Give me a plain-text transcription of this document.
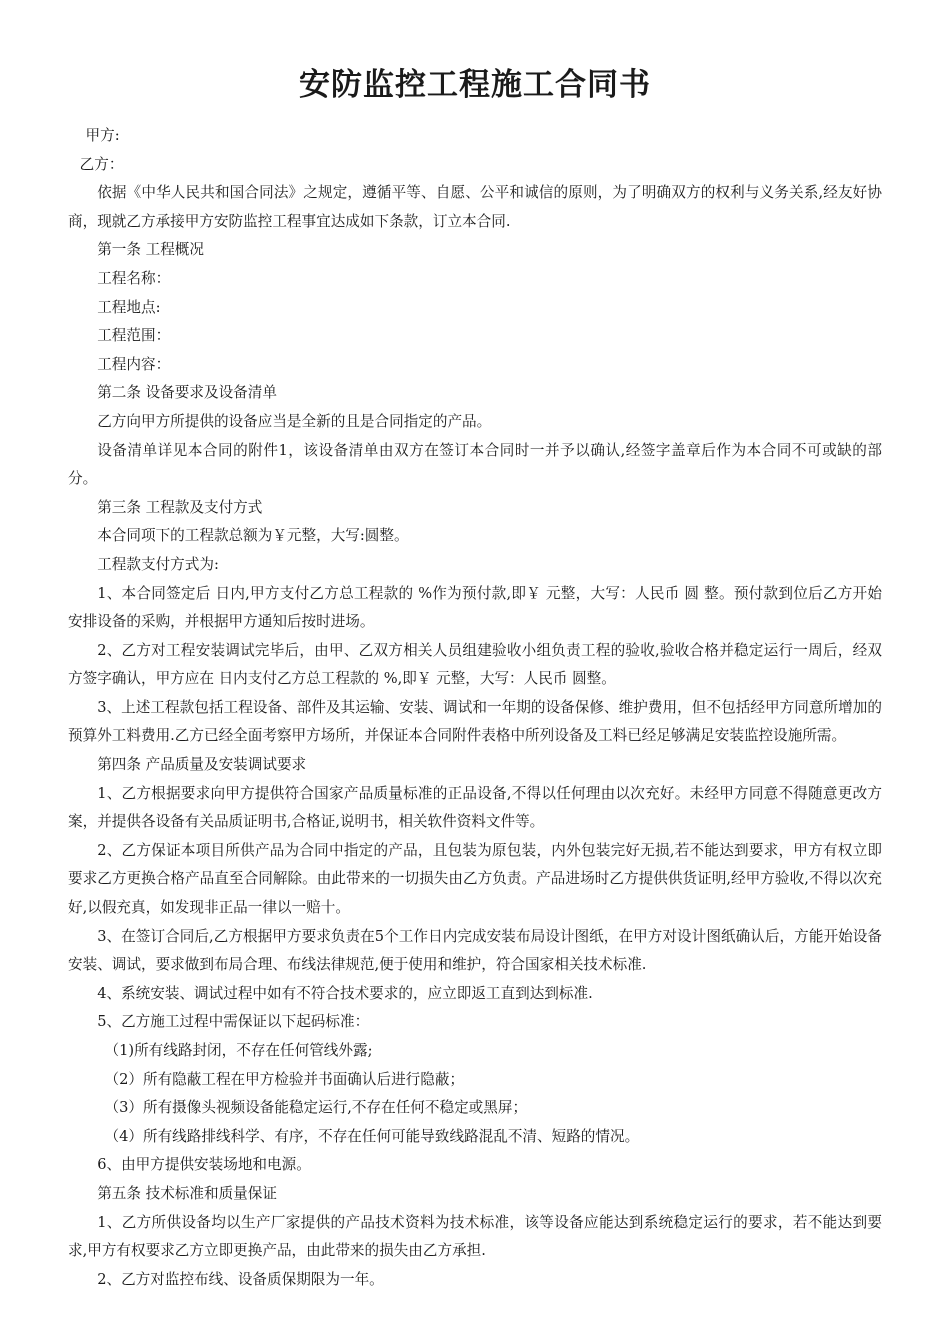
安防监控工程施工合同书

甲方:

乙方：

依据《中华人民共和国合同法》之规定，遵循平等、自愿、公平和诚信的原则，为了明确双方的权利与义务关系,经友好协商，现就乙方承接甲方安防监控工程事宜达成如下条款，订立本合同.

第一条 工程概况

工程名称：

工程地点:

工程范围：

工程内容：

第二条 设备要求及设备清单

乙方向甲方所提供的设备应当是全新的且是合同指定的产品。

设备清单详见本合同的附件1，该设备清单由双方在签订本合同时一并予以确认,经签字盖章后作为本合同不可或缺的部分。

第三条 工程款及支付方式

本合同项下的工程款总额为￥元整，大写:圆整。

工程款支付方式为:

1、本合同签定后 日内,甲方支付乙方总工程款的 %作为预付款,即￥ 元整，大写：人民币 圆 整。预付款到位后乙方开始安排设备的采购，并根据甲方通知后按时进场。

2、乙方对工程安装调试完毕后，由甲、乙双方相关人员组建验收小组负责工程的验收,验收合格并稳定运行一周后，经双方签字确认，甲方应在 日内支付乙方总工程款的 %,即￥ 元整，大写：人民币 圆整。

3、上述工程款包括工程设备、部件及其运输、安装、调试和一年期的设备保修、维护费用，但不包括经甲方同意所增加的预算外工料费用.乙方已经全面考察甲方场所，并保证本合同附件表格中所列设备及工料已经足够满足安装监控设施所需。

第四条 产品质量及安装调试要求

1、乙方根据要求向甲方提供符合国家产品质量标准的正品设备,不得以任何理由以次充好。未经甲方同意不得随意更改方案，并提供各设备有关品质证明书,合格证,说明书，相关软件资料文件等。

2、乙方保证本项目所供产品为合同中指定的产品，且包装为原包装，内外包装完好无损,若不能达到要求，甲方有权立即要求乙方更换合格产品直至合同解除。由此带来的一切损失由乙方负责。产品进场时乙方提供供货证明,经甲方验收,不得以次充好,以假充真，如发现非正品一律以一赔十。

3、在签订合同后,乙方根据甲方要求负责在5个工作日内完成安装布局设计图纸，在甲方对设计图纸确认后，方能开始设备安装、调试，要求做到布局合理、布线法律规范,便于使用和维护，符合国家相关技术标准.

4、系统安装、调试过程中如有不符合技术要求的，应立即返工直到达到标准.

5、乙方施工过程中需保证以下起码标准：

（1)所有线路封闭，不存在任何管线外露;

（2）所有隐蔽工程在甲方检验并书面确认后进行隐蔽；

（3）所有摄像头视频设备能稳定运行,不存在任何不稳定或黑屏；

（4）所有线路排线科学、有序，不存在任何可能导致线路混乱不清、短路的情况。

6、由甲方提供安装场地和电源。

第五条 技术标准和质量保证

1、乙方所供设备均以生产厂家提供的产品技术资料为技术标准，该等设备应能达到系统稳定运行的要求，若不能达到要求,甲方有权要求乙方立即更换产品，由此带来的损失由乙方承担.

2、乙方对监控布线、设备质保期限为一年。
